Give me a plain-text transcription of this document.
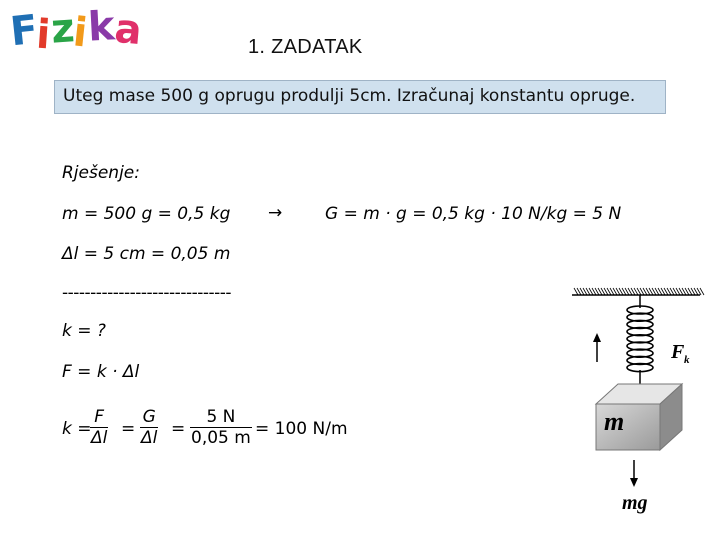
Fizika	1. ZADATAK
Uteg mase 500 g oprugu produlji 5cm. Izračunaj konstantu opruge.
Rješenje:
m = 500 g = 0,5 kg →	G = m · g = 0,5 kg · 10 N/kg = 5 N
Δl = 5 cm = 0,05 m
------------------------------
k = ?
F = k · Δl
k =
$\frac{F}{\Delta l} = \frac{G}{\Delta l} = \frac{5 N}{0,05 m} = 100$ N/m
F k
m
mg
